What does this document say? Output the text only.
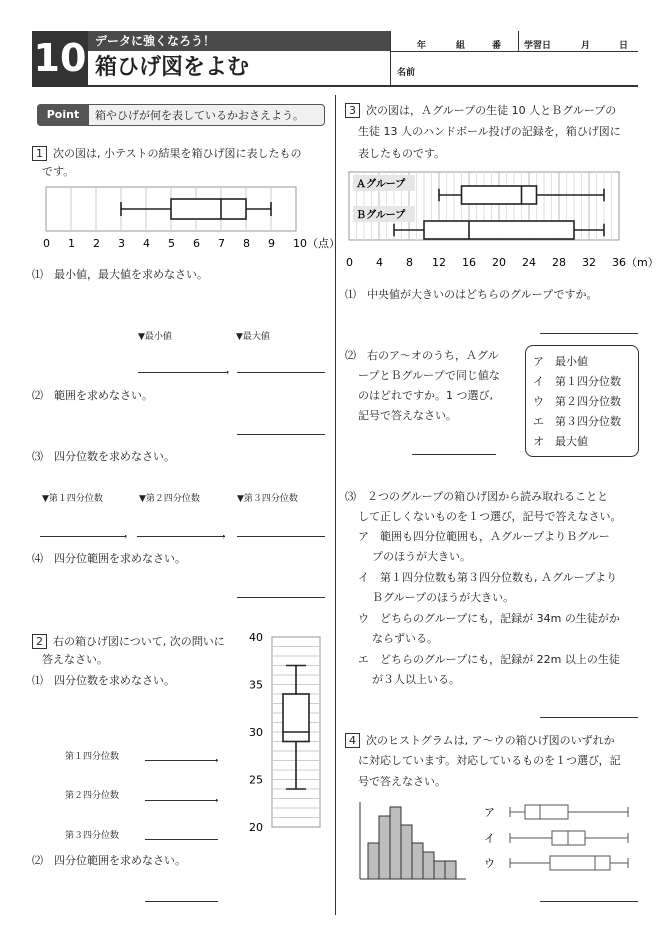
10 データに強くなろう！
箱ひげ図をよむ
年	組	番	学習日	月	日
名前
Point	箱やひげが何を表しているかおさえよう。
1 次の図は, 小テストの結果を箱ひげ図に表したもの
です。
0 1 2 3 4 5 6 7 8 9 10（点）
⑴　最小値，最大値を求めなさい。
▼最小値	▼最大値
，
⑵　範囲を求めなさい。
⑶　四分位数を求めなさい。
▼第１四分位数	▼第２四分位数	▼第３四分位数
，	，
⑷　四分位範囲を求めなさい。
2 右の箱ひげ図について, 次の問いに
答えなさい。
⑴　四分位数を求めなさい。
40
35
30
25
20
第１四分位数	，
第２四分位数	，
第３四分位数
⑵　四分位範囲を求めなさい。
3 次の図は，Ａグループの生徒 10 人とＢグループの
生徒 13 人のハンドボール投げの記録を，箱ひげ図に
表したものです。
Ａグループ
Ｂグループ
0 4 8 12 16 20 24 28 32 36（m）
⑴　中央値が大きいのはどちらのグループですか。
⑵　右のア～オのうち，Ａグル
ープとＢグループで同じ値な
のはどれですか。1 つ選び,
記号で答えなさい。
ア　最小値
イ　第１四分位数
ウ　第２四分位数
エ　第３四分位数
オ　最大値
⑶　２つのグループの箱ひげ図から読み取れることと
して正しくないものを１つ選び，記号で答えなさい。
ア　範囲も四分位範囲も，ＡグループよりＢグルー
プのほうが大きい。
イ　第１四分位数も第３四分位数も, Ａグループより
Ｂグループのほうが大きい。
ウ　どちらのグループにも，記録が 34m の生徒がか
ならずいる。
エ　どちらのグループにも，記録が 22m 以上の生徒
が３人以上いる。
4 次のヒストグラムは, ア～ウの箱ひげ図のいずれか
に対応しています。対応しているものを１つ選び，記
号で答えなさい。
ア
イ
ウ
